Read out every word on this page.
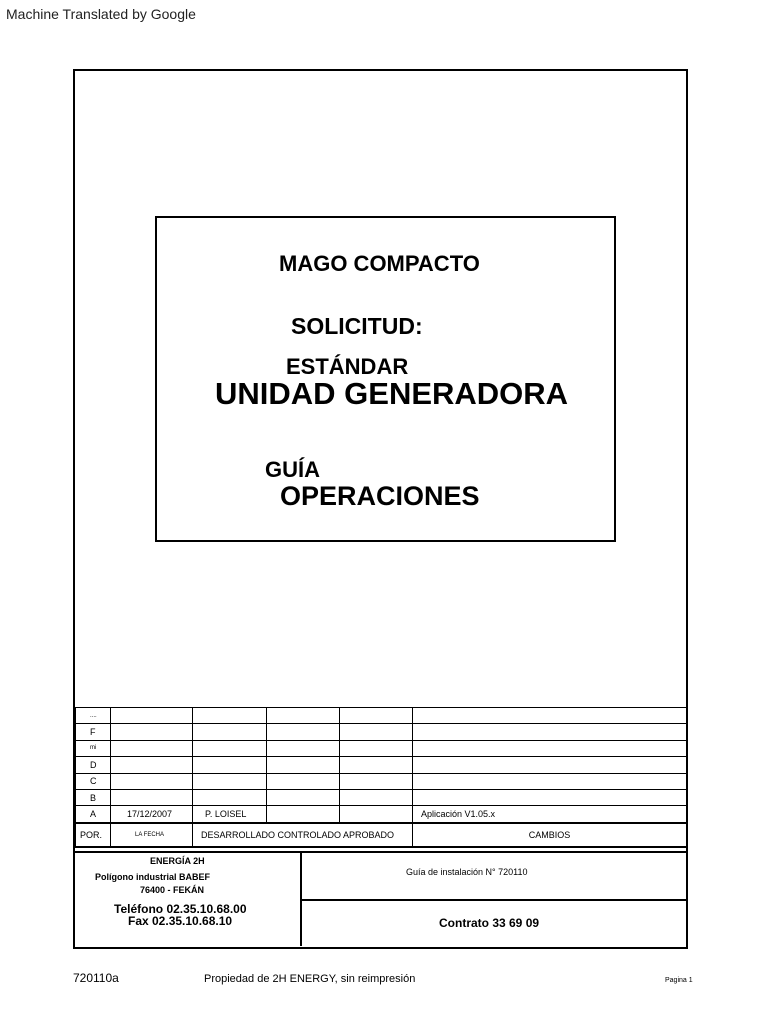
Machine Translated by Google
MAGO COMPACTO
SOLICITUD:
ESTÁNDAR
UNIDAD GENERADORA
GUÍA
OPERACIONES
....					
F					
mi					
D					
C					
B					
A	17/12/2007	P. LOISEL			Aplicación V1.05.x
POR.	LA FECHA	DESARROLLADO CONTROLADO APROBADO			CAMBIOS
ENERGÍA 2H
Polígono industrial BABEF
76400 - FEKÁN
Teléfono 02.35.10.68.00
Fax 02.35.10.68.10
Guía de instalación N° 720110
Contrato 33 69 09
720110a	Propiedad de 2H ENERGY, sin reimpresión	Pagina 1
